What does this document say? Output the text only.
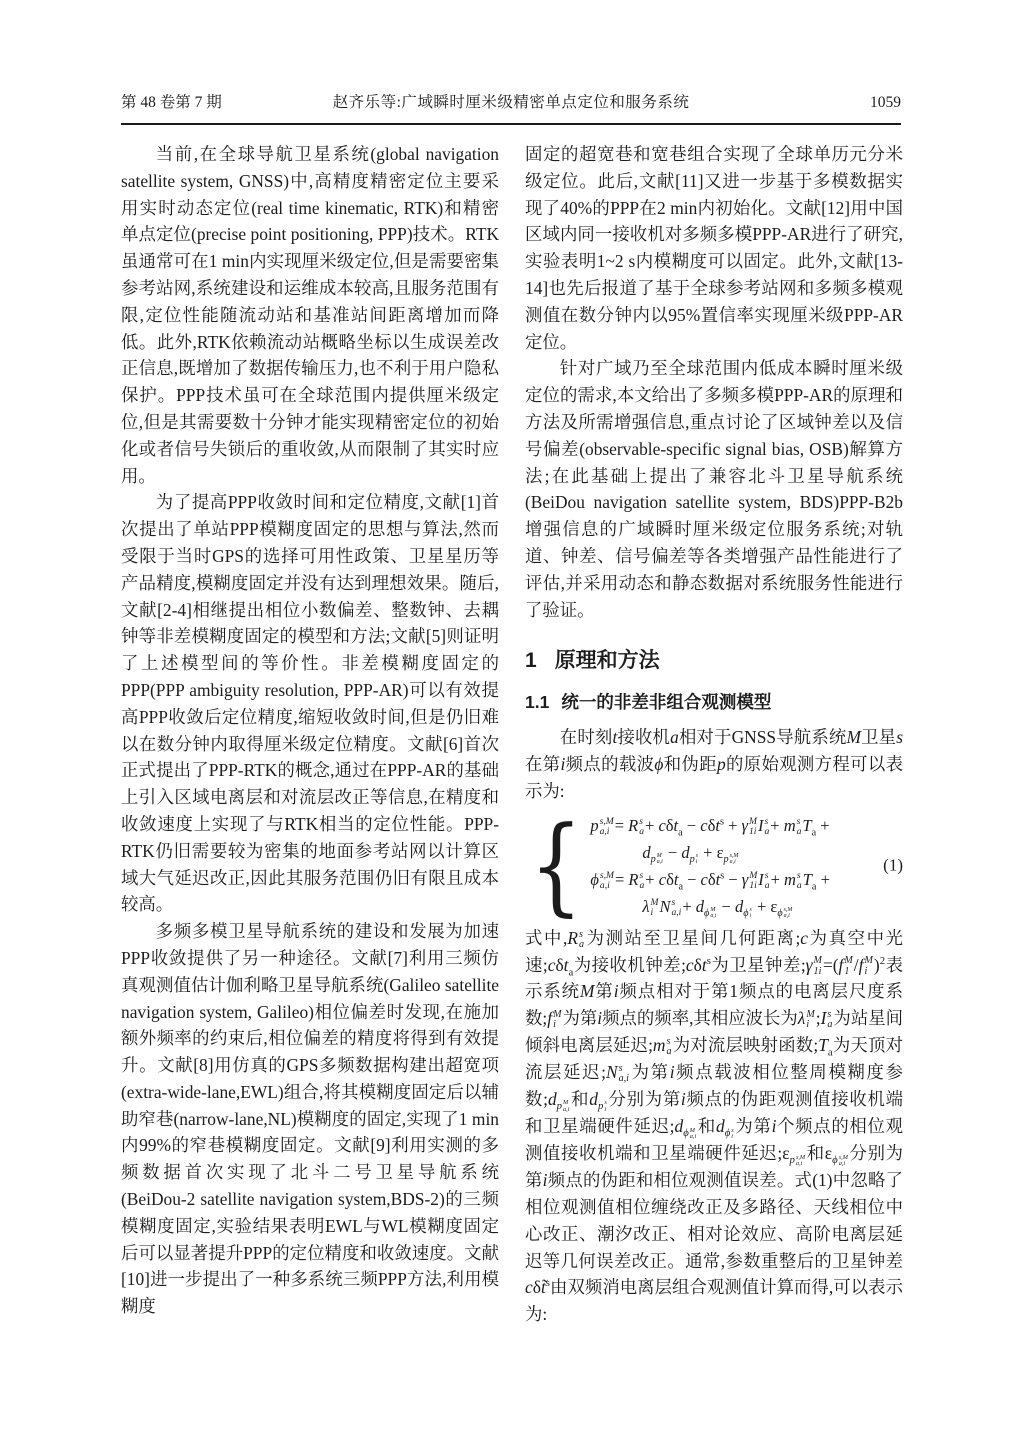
第 48 卷第 7 期	赵齐乐等:广域瞬时厘米级精密单点定位和服务系统	1059

当前,在全球导航卫星系统(global navigation satellite system, GNSS)中,高精度精密定位主要采用实时动态定位(real time kinematic, RTK)和精密单点定位(precise point positioning, PPP)技术。RTK虽通常可在1 min内实现厘米级定位,但是需要密集参考站网,系统建设和运维成本较高,且服务范围有限,定位性能随流动站和基准站间距离增加而降低。此外,RTK依赖流动站概略坐标以生成误差改正信息,既增加了数据传输压力,也不利于用户隐私保护。PPP技术虽可在全球范围内提供厘米级定位,但是其需要数十分钟才能实现精密定位的初始化或者信号失锁后的重收敛,从而限制了其实时应用。

为了提高PPP收敛时间和定位精度,文献[1]首次提出了单站PPP模糊度固定的思想与算法,然而受限于当时GPS的选择可用性政策、卫星星历等产品精度,模糊度固定并没有达到理想效果。随后,文献[2-4]相继提出相位小数偏差、整数钟、去耦钟等非差模糊度固定的模型和方法;文献[5]则证明了上述模型间的等价性。非差模糊度固定的PPP(PPP ambiguity resolution, PPP-AR)可以有效提高PPP收敛后定位精度,缩短收敛时间,但是仍旧难以在数分钟内取得厘米级定位精度。文献[6]首次正式提出了PPP-RTK的概念,通过在PPP-AR的基础上引入区域电离层和对流层改正等信息,在精度和收敛速度上实现了与RTK相当的定位性能。PPP-RTK仍旧需要较为密集的地面参考站网以计算区域大气延迟改正,因此其服务范围仍旧有限且成本较高。

多频多模卫星导航系统的建设和发展为加速PPP收敛提供了另一种途径。文献[7]利用三频仿真观测值估计伽利略卫星导航系统(Galileo satellite navigation system, Galileo)相位偏差时发现,在施加额外频率的约束后,相位偏差的精度将得到有效提升。文献[8]用仿真的GPS多频数据构建出超宽项(extra-wide-lane,EWL)组合,将其模糊度固定后以辅助窄巷(narrow-lane,NL)模糊度的固定,实现了1 min内99%的窄巷模糊度固定。文献[9]利用实测的多频数据首次实现了北斗二号卫星导航系统(BeiDou-2 satellite navigation system,BDS-2)的三频模糊度固定,实验结果表明EWL与WL模糊度固定后可以显著提升PPP的定位精度和收敛速度。文献[10]进一步提出了一种多系统三频PPP方法,利用模糊度

固定的超宽巷和宽巷组合实现了全球单历元分米级定位。此后,文献[11]又进一步基于多模数据实现了40%的PPP在2 min内初始化。文献[12]用中国区域内同一接收机对多频多模PPP-AR进行了研究,实验表明1~2 s内模糊度可以固定。此外,文献[13-14]也先后报道了基于全球参考站网和多频多模观测值在数分钟内以95%置信率实现厘米级PPP-AR定位。

针对广域乃至全球范围内低成本瞬时厘米级定位的需求,本文给出了多频多模PPP-AR的原理和方法及所需增强信息,重点讨论了区域钟差以及信号偏差(observable-specific signal bias, OSB)解算方法;在此基础上提出了兼容北斗卫星导航系统(BeiDou navigation satellite system, BDS)PPP-B2b增强信息的广域瞬时厘米级定位服务系统;对轨道、钟差、信号偏差等各类增强产品性能进行了评估,并采用动态和静态数据对系统服务性能进行了验证。

1 原理和方法
1.1 统一的非差非组合观测模型

在时刻t接收机a相对于GNSS导航系统M卫星s在第i频点的载波ϕ和伪距p的原始观测方程可以表示为:

{ p s,M
a,i = R s
a + cδt$_a$ − cδt$^s$ + γ M
1i I s
a + m s
a $T_a$ +
$d_{p M a,i} - d_{p s i} + \varepsilon_{p s,M a,i}$
ϕ s,M
a,i = R s
a + cδt$_a$ − cδt$^s$ − γ M
1i I s
a + m s
a $T_a$ +
λ M
i N s
$a,i + d_{\phi M a,i} - d_{\phi s i} + \varepsilon_{\phi s,M a,i}$
(1)

式中,R s
a 为测站至卫星间几何距离;c为真空中光速;cδt$_a$为接收机钟差;cδt$^s$为卫星钟差;γ M
1i =(f M
1 /f M
i )$^2$表示系统M第i频点相对于第1频点的电离层尺度系数;f M
i 为第i频点的频率,其相应波长为λ M
i ;I s
a 为站星间倾斜电离层延迟;m s
a 为对流层映射函数$;T_a$为天顶对流层延迟;N s
a,i 为第i频点载波相位整周模糊度参数$;d_{p M a,i}$
和$d_{p s i}$
分别为第i频点的伪距观测值接收机端和卫星端硬件延迟$;d_{\phi M a,i}$
和$d_{\phi s i}$
为第i个频点的相位观测值接收机端和卫星端硬件延迟$;\varepsilon_{p s,M a,i}$
和$\varepsilon_{\phi s,M a,i}$
分别为第i频点的伪距和相位观测值误差。式(1)中忽略了相位观测值相位缠绕改正及多路径、天线相位中心改正、潮汐改正、相对论效应、高阶电离层延迟等几何误差改正。通常,参数重整后的卫星钟差cδt̃$^s$由双频消电离层组合观测值计算而得,可以表示为:
